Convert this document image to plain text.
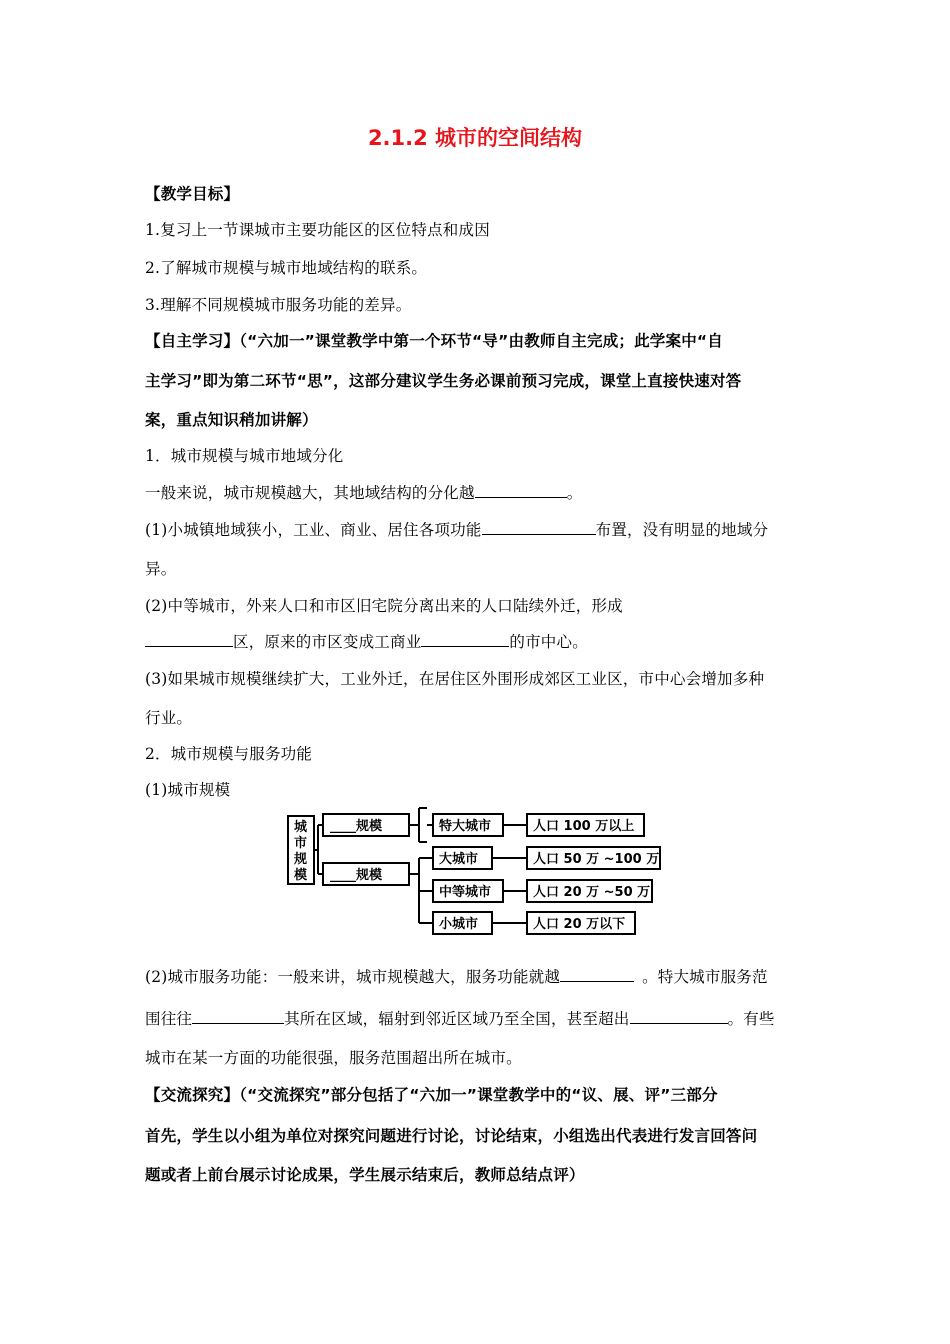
2.1.2 城市的空间结构
【教学目标】
1.复习上一节课城市主要功能区的区位特点和成因
2.了解城市规模与城市地域结构的联系。
3.理解不同规模城市服务功能的差异。
【自主学习】（“六加一”课堂教学中第一个环节“导”由教师自主完成；此学案中“自
主学习”即为第二环节“思”，这部分建议学生务必课前预习完成，课堂上直接快速对答
案，重点知识稍加讲解）
1．城市规模与城市地域分化
一般来说，城市规模越大，其地域结构的分化越	。
(1)小城镇地域狭小，工业、商业、居住各项功能	布置，没有明显的地域分
异。
(2)中等城市，外来人口和市区旧宅院分离出来的人口陆续外迁，形成
区，原来的市区变成工商业	的市中心。
(3)如果城市规模继续扩大，工业外迁，在居住区外围形成郊区工业区，市中心会增加多种
行业。
2．城市规模与服务功能
(1)城市规模
城
市
规
模
____规模
____规模
特大城市
大城市
中等城市
小城市
人口 100 万以上
人口 50 万 ~100 万
人口 20 万 ~50 万
人口 20 万以下
(2)城市服务功能：一般来讲，城市规模越大，服务功能就越	。特大城市服务范
围往往	其所在区域，辐射到邻近区域乃至全国，甚至超出	。有些
城市在某一方面的功能很强，服务范围超出所在城市。
【交流探究】（“交流探究”部分包括了“六加一”课堂教学中的“议、展、评”三部分
首先，学生以小组为单位对探究问题进行讨论，讨论结束，小组选出代表进行发言回答问
题或者上前台展示讨论成果，学生展示结束后，教师总结点评）
